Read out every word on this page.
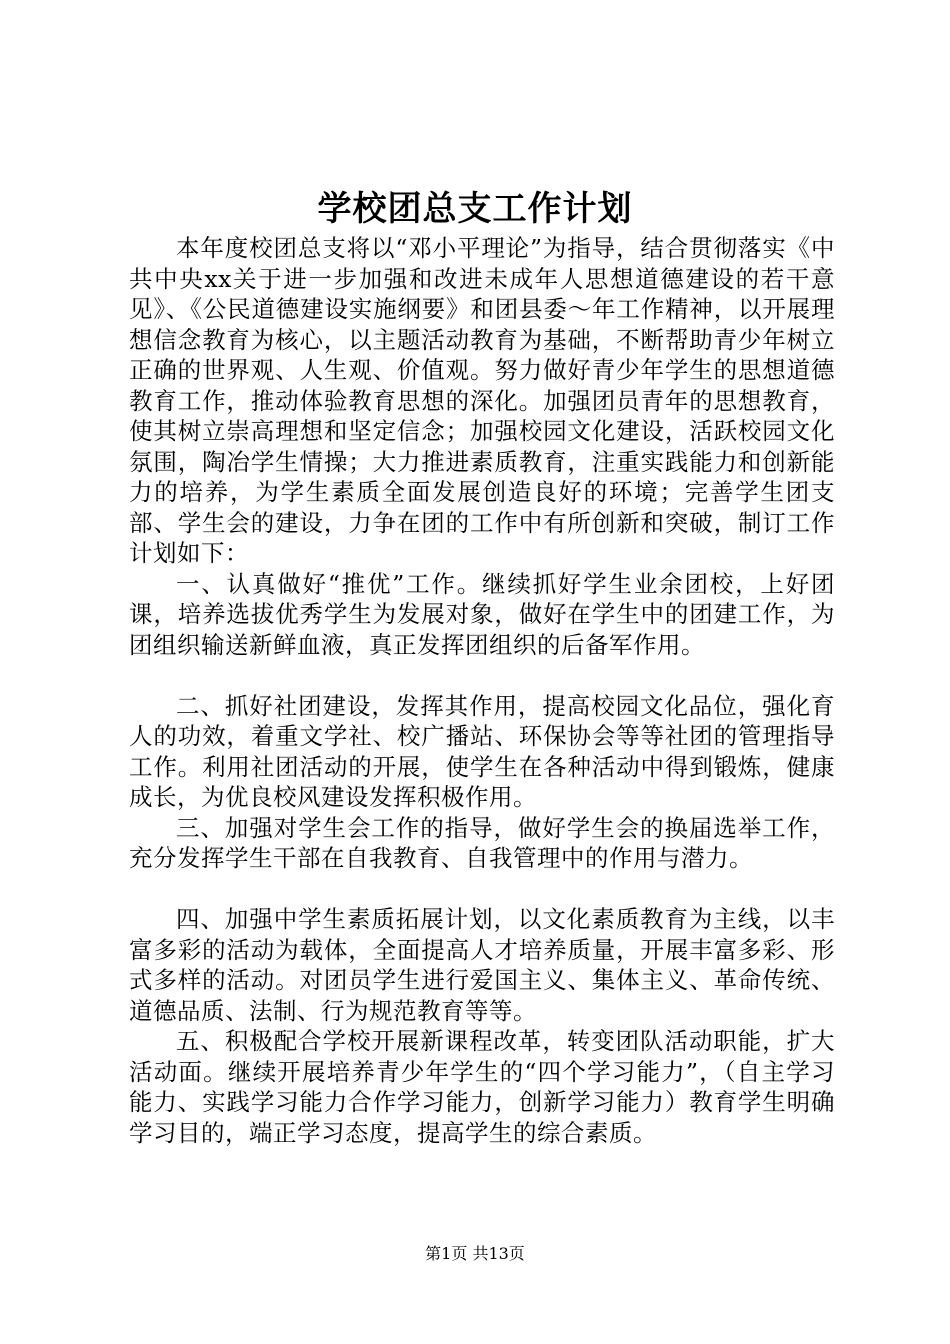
学校团总支工作计划

本年度校团总支将以“邓小平理论”为指导，结合贯彻落实《中共中央xx关于进一步加强和改进未成年人思想道德建设的若干意见》、《公民道德建设实施纲要》和团县委～年工作精神，以开展理想信念教育为核心，以主题活动教育为基础，不断帮助青少年树立正确的世界观、人生观、价值观。努力做好青少年学生的思想道德教育工作，推动体验教育思想的深化。加强团员青年的思想教育，使其树立崇高理想和坚定信念；加强校园文化建设，活跃校园文化氛围，陶冶学生情操；大力推进素质教育，注重实践能力和创新能力的培养，为学生素质全面发展创造良好的环境；完善学生团支部、学生会的建设，力争在团的工作中有所创新和突破，制订工作计划如下：

一、认真做好“推优”工作。继续抓好学生业余团校，上好团课，培养选拔优秀学生为发展对象，做好在学生中的团建工作，为团组织输送新鲜血液，真正发挥团组织的后备军作用。

二、抓好社团建设，发挥其作用，提高校园文化品位，强化育人的功效，着重文学社、校广播站、环保协会等等社团的管理指导工作。利用社团活动的开展，使学生在各种活动中得到锻炼，健康成长，为优良校风建设发挥积极作用。

三、加强对学生会工作的指导，做好学生会的换届选举工作，充分发挥学生干部在自我教育、自我管理中的作用与潜力。

四、加强中学生素质拓展计划，以文化素质教育为主线，以丰富多彩的活动为载体，全面提高人才培养质量，开展丰富多彩、形式多样的活动。对团员学生进行爱国主义、集体主义、革命传统、道德品质、法制、行为规范教育等等。

五、积极配合学校开展新课程改革，转变团队活动职能，扩大活动面。继续开展培养青少年学生的“四个学习能力”，（自主学习能力、实践学习能力合作学习能力，创新学习能力）教育学生明确学习目的，端正学习态度，提高学生的综合素质。

第1页 共13页
